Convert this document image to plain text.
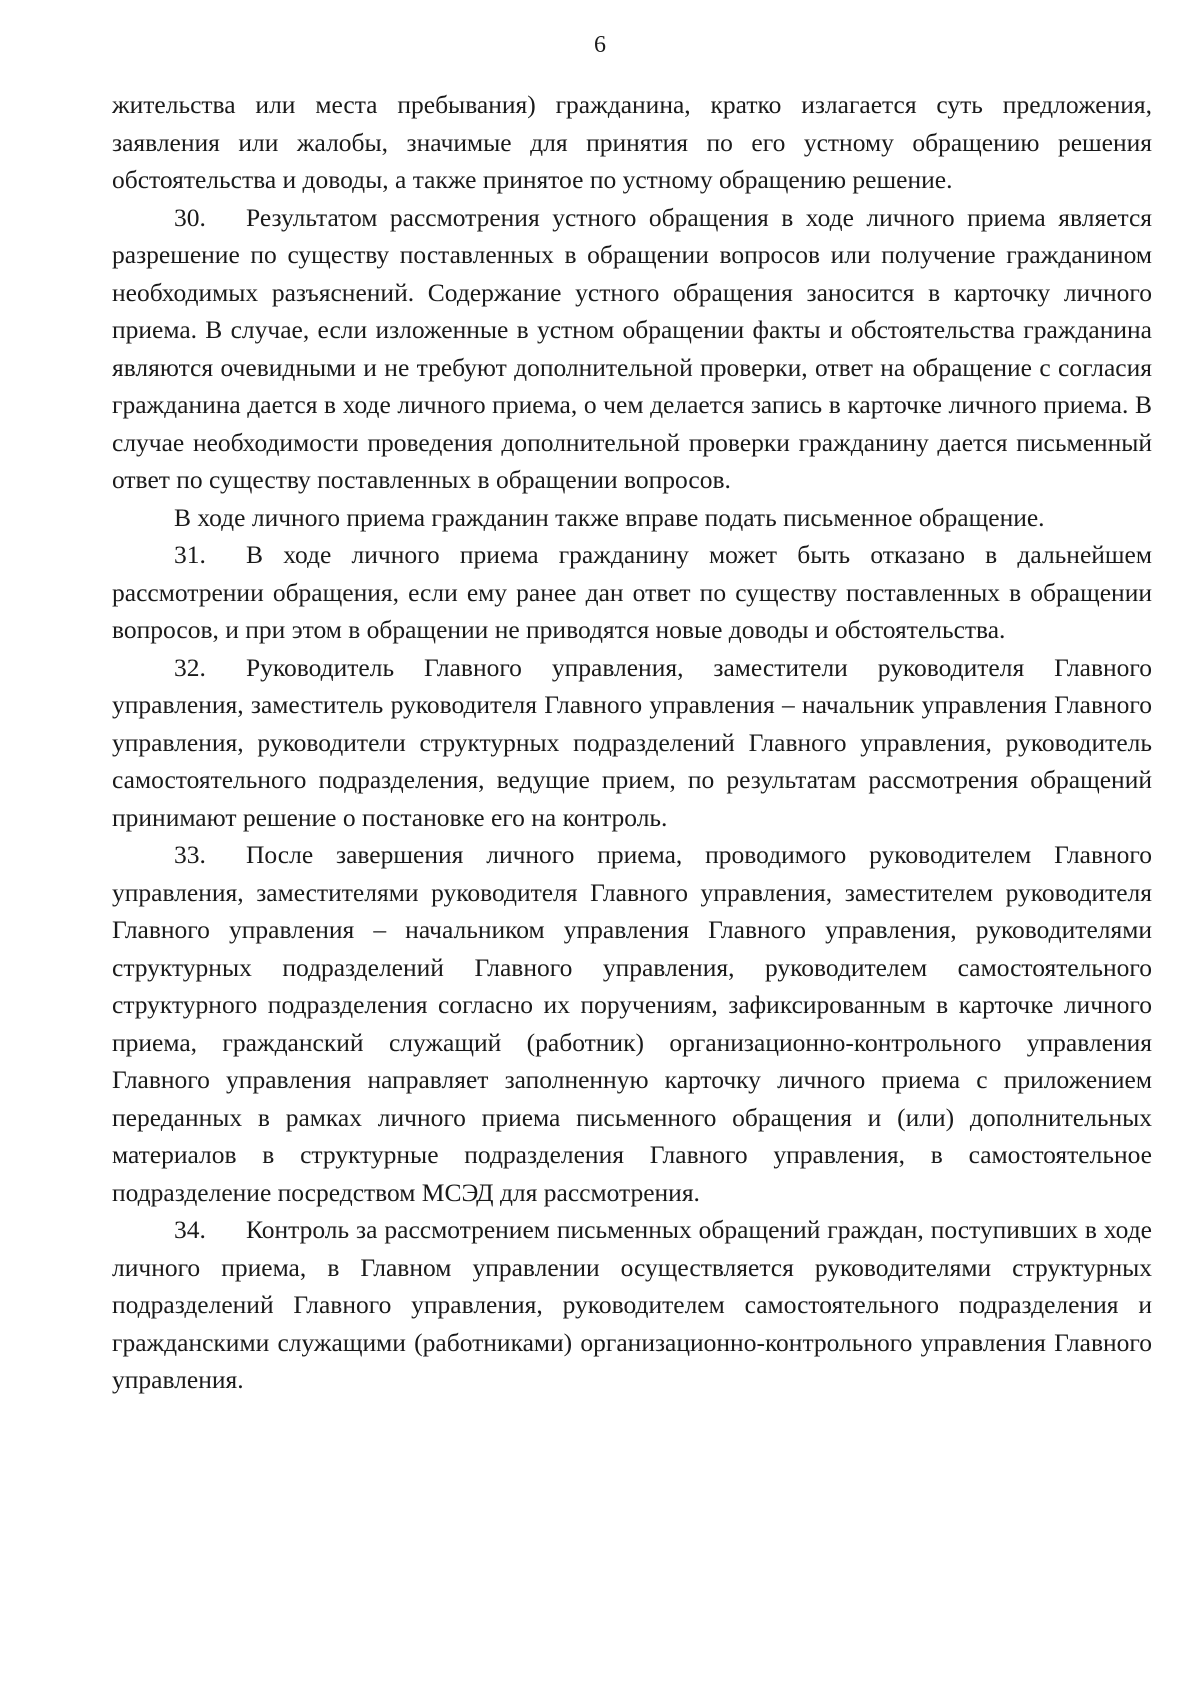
6

жительства или места пребывания) гражданина, кратко излагается суть предложения, заявления или жалобы, значимые для принятия по его устному обращению решения обстоятельства и доводы, а также принятое по устному обращению решение.

30. Результатом рассмотрения устного обращения в ходе личного приема является разрешение по существу поставленных в обращении вопросов или получение гражданином необходимых разъяснений. Содержание устного обращения заносится в карточку личного приема. В случае, если изложенные в устном обращении факты и обстоятельства гражданина являются очевидными и не требуют дополнительной проверки, ответ на обращение с согласия гражданина дается в ходе личного приема, о чем делается запись в карточке личного приема. В случае необходимости проведения дополнительной проверки гражданину дается письменный ответ по существу поставленных в обращении вопросов.

В ходе личного приема гражданин также вправе подать письменное обращение.

31. В ходе личного приема гражданину может быть отказано в дальнейшем рассмотрении обращения, если ему ранее дан ответ по существу поставленных в обращении вопросов, и при этом в обращении не приводятся новые доводы и обстоятельства.

32. Руководитель Главного управления, заместители руководителя Главного управления, заместитель руководителя Главного управления – начальник управления Главного управления, руководители структурных подразделений Главного управления, руководитель самостоятельного подразделения, ведущие прием, по результатам рассмотрения обращений принимают решение о постановке его на контроль.

33. После завершения личного приема, проводимого руководителем Главного управления, заместителями руководителя Главного управления, заместителем руководителя Главного управления – начальником управления Главного управления, руководителями структурных подразделений Главного управления, руководителем самостоятельного структурного подразделения согласно их поручениям, зафиксированным в карточке личного приема, гражданский служащий (работник) организационно-контрольного управления Главного управления направляет заполненную карточку личного приема с приложением переданных в рамках личного приема письменного обращения и (или) дополнительных материалов в структурные подразделения Главного управления, в самостоятельное подразделение посредством МСЭД для рассмотрения.

34. Контроль за рассмотрением письменных обращений граждан, поступивших в ходе личного приема, в Главном управлении осуществляется руководителями структурных подразделений Главного управления, руководителем самостоятельного подразделения и гражданскими служащими (работниками) организационно-контрольного управления Главного управления.
